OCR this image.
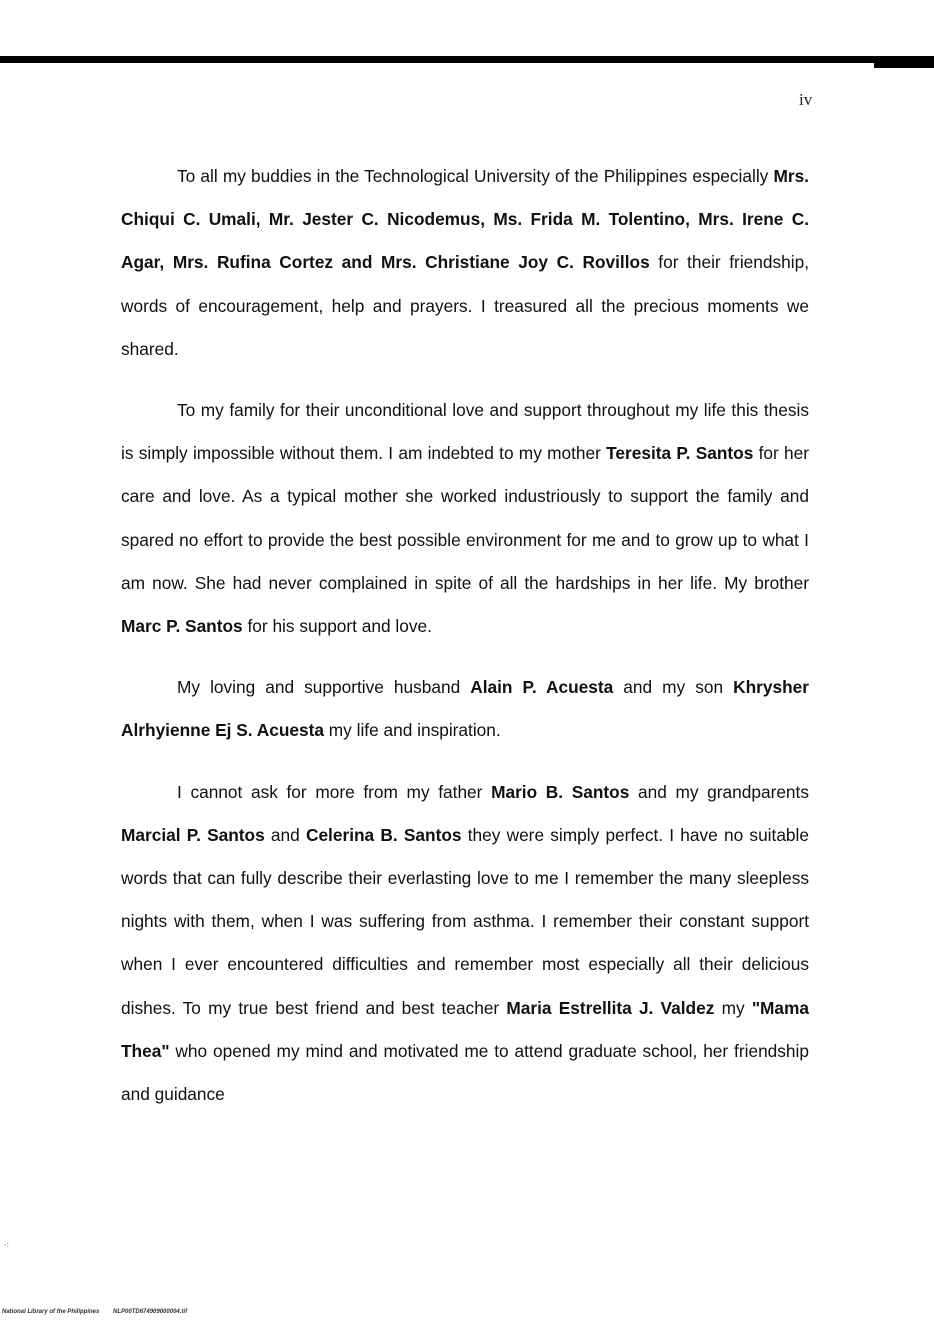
iv

To all my buddies in the Technological University of the Philippines especially Mrs. Chiqui C. Umali, Mr. Jester C. Nicodemus, Ms. Frida M. Tolentino, Mrs. Irene C. Agar, Mrs. Rufina Cortez and Mrs. Christiane Joy C. Rovillos for their friendship, words of encouragement, help and prayers. I treasured all the precious moments we shared.

To my family for their unconditional love and support throughout my life this thesis is simply impossible without them. I am indebted to my mother Teresita P. Santos for her care and love. As a typical mother she worked industriously to support the family and spared no effort to provide the best possible environment for me and to grow up to what I am now. She had never complained in spite of all the hardships in her life. My brother Marc P. Santos for his support and love.

My loving and supportive husband Alain P. Acuesta and my son Khrysher Alrhyienne Ej S. Acuesta my life and inspiration.

I cannot ask for more from my father Mario B. Santos and my grandparents Marcial P. Santos and Celerina B. Santos they were simply perfect. I have no suitable words that can fully describe their everlasting love to me I remember the many sleepless nights with them, when I was suffering from asthma. I remember their constant support when I ever encountered difficulties and remember most especially all their delicious dishes. To my true best friend and best teacher Maria Estrellita J. Valdez my "Mama Thea" who opened my mind and motivated me to attend graduate school, her friendship and guidance

⁖
National Library of the Philippines NLP00TD674909000004.tif
